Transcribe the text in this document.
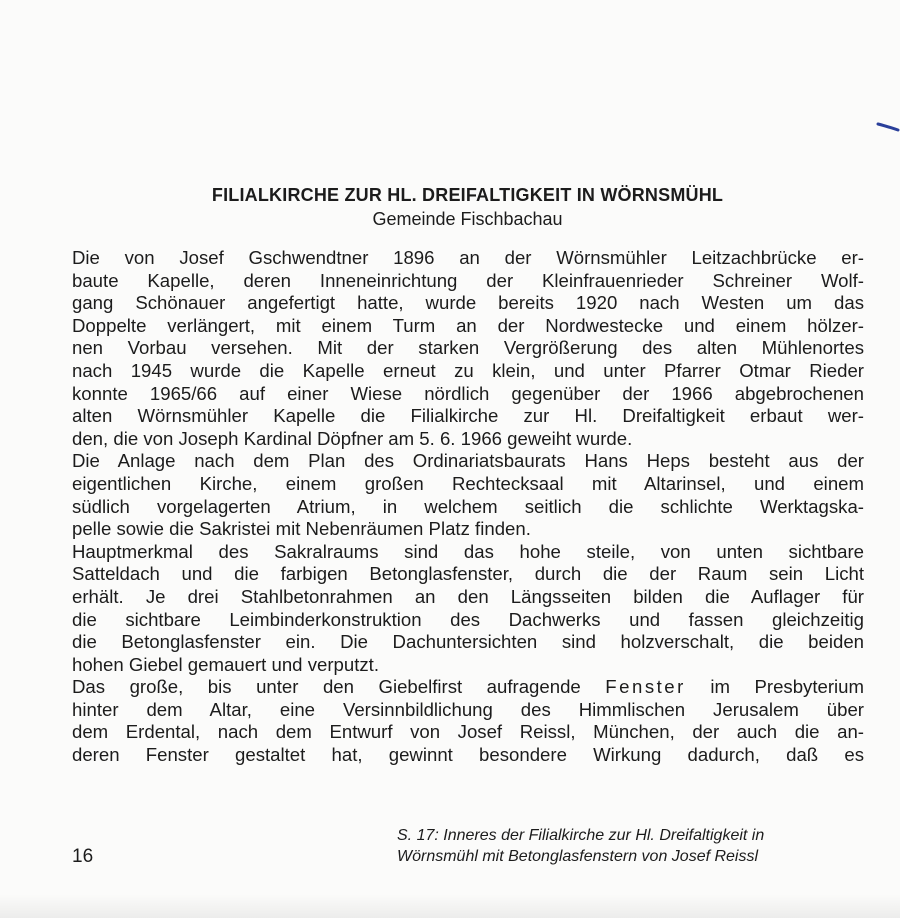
FILIALKIRCHE ZUR HL. DREIFALTIGKEIT IN WÖRNSMÜHL
Gemeinde Fischbachau
Die von Josef Gschwendtner 1896 an der Wörnsmühler Leitzachbrücke er-
baute Kapelle, deren Inneneinrichtung der Kleinfrauenrieder Schreiner Wolf-
gang Schönauer angefertigt hatte, wurde bereits 1920 nach Westen um das
Doppelte verlängert, mit einem Turm an der Nordwestecke und einem hölzer-
nen Vorbau versehen. Mit der starken Vergrößerung des alten Mühlenortes
nach 1945 wurde die Kapelle erneut zu klein, und unter Pfarrer Otmar Rieder
konnte 1965/66 auf einer Wiese nördlich gegenüber der 1966 abgebrochenen
alten Wörnsmühler Kapelle die Filialkirche zur Hl. Dreifaltigkeit erbaut wer-
den, die von Joseph Kardinal Döpfner am 5. 6. 1966 geweiht wurde.
Die Anlage nach dem Plan des Ordinariatsbaurats Hans Heps besteht aus der
eigentlichen Kirche, einem großen Rechtecksaal mit Altarinsel, und einem
südlich vorgelagerten Atrium, in welchem seitlich die schlichte Werktagska-
pelle sowie die Sakristei mit Nebenräumen Platz finden.
Hauptmerkmal des Sakralraums sind das hohe steile, von unten sichtbare
Satteldach und die farbigen Betonglasfenster, durch die der Raum sein Licht
erhält. Je drei Stahlbetonrahmen an den Längsseiten bilden die Auflager für
die sichtbare Leimbinderkonstruktion des Dachwerks und fassen gleichzeitig
die Betonglasfenster ein. Die Dachuntersichten sind holzverschalt, die beiden
hohen Giebel gemauert und verputzt.
Das große, bis unter den Giebelfirst aufragende Fenster im Presbyterium
hinter dem Altar, eine Versinnbildlichung des Himmlischen Jerusalem über
dem Erdental, nach dem Entwurf von Josef Reissl, München, der auch die an-
deren Fenster gestaltet hat, gewinnt besondere Wirkung dadurch, daß es
S. 17: Inneres der Filialkirche zur Hl. Dreifaltigkeit in
Wörnsmühl mit Betonglasfenstern von Josef Reissl
16
